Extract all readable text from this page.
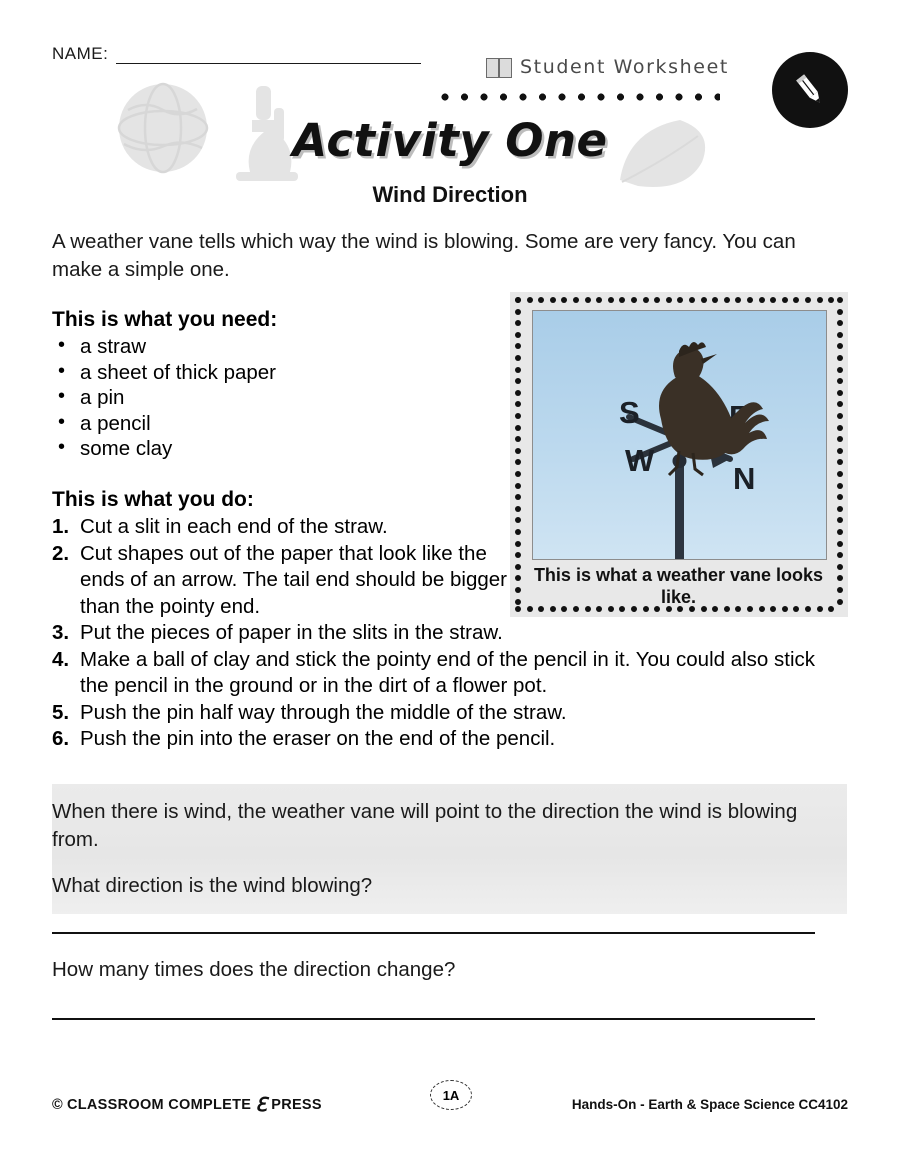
NAME:
Student Worksheet
Activity One
Wind Direction
A weather vane tells which way the wind is blowing. Some are very fancy. You can make a simple one.
This is what you need:
• a straw
• a sheet of thick paper
• a pin
• a pencil
• some clay
This is what you do:
1. Cut a slit in each end of the straw.
2. Cut shapes out of the paper that look like the ends of an arrow. The tail end should be bigger than the pointy end.
3. Put the pieces of paper in the slits in the straw.
4. Make a ball of clay and stick the pointy end of the pencil in it. You could also stick the pencil in the ground or in the dirt of a flower pot.
5. Push the pin half way through the middle of the straw.
6. Push the pin into the eraser on the end of the pencil.
S
W
N
This is what a weather vane looks like.
When there is wind, the weather vane will point to the direction the wind is blowing from.
What direction is the wind blowing?
How many times does the direction change?
© CLASSROOM COMPLETE ℇ PRESS
1A
Hands-On - Earth & Space Science CC4102
